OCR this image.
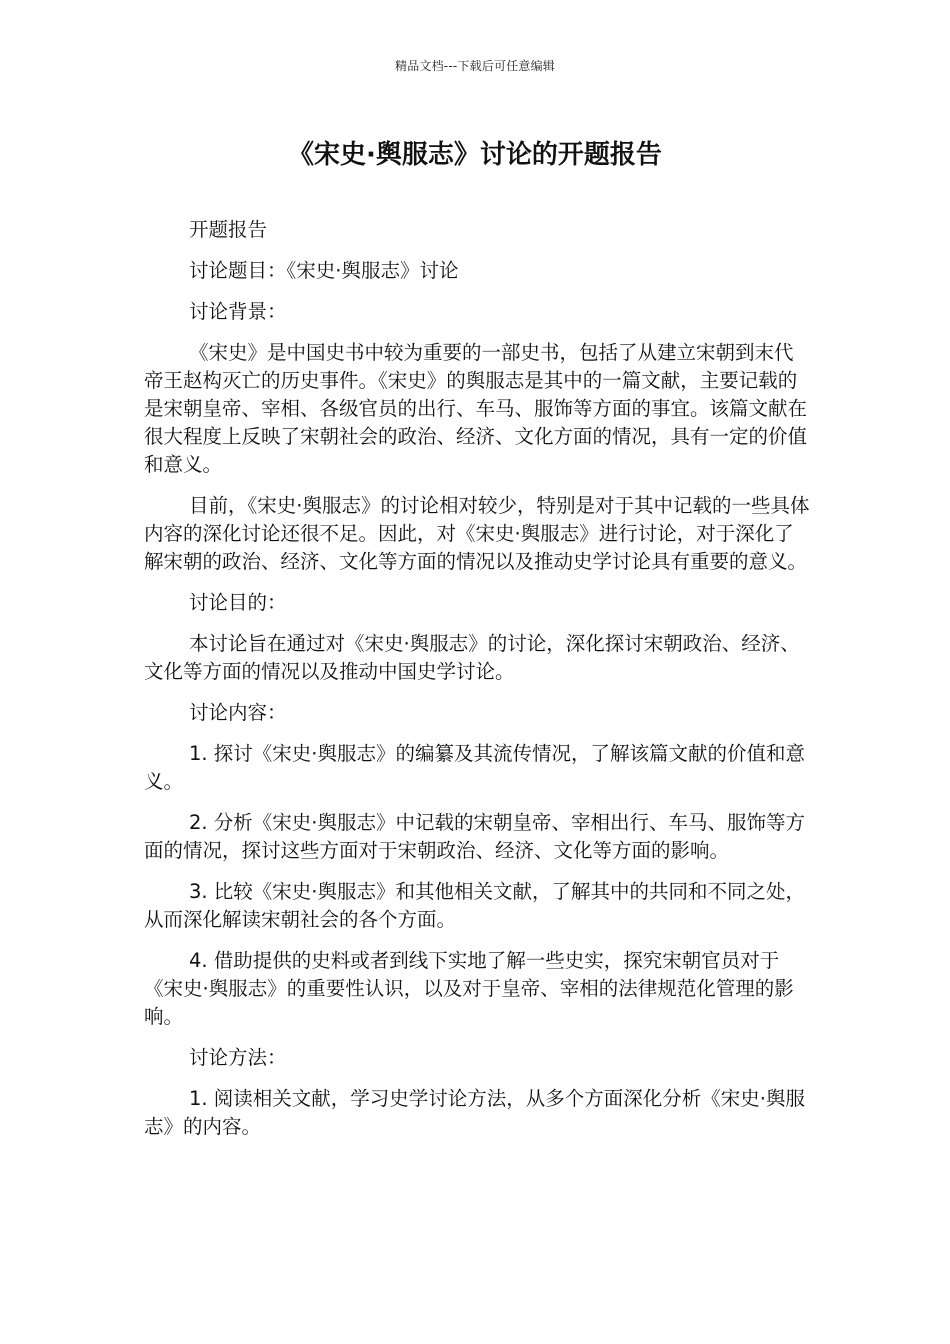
精品文档---下载后可任意编辑
《宋史·舆服志》讨论的开题报告

开题报告

讨论题目：《宋史·舆服志》讨论

讨论背景：

《宋史》是中国史书中较为重要的一部史书，包括了从建立宋朝到末代帝王赵构灭亡的历史事件。《宋史》的舆服志是其中的一篇文献，主要记载的是宋朝皇帝、宰相、各级官员的出行、车马、服饰等方面的事宜。该篇文献在很大程度上反映了宋朝社会的政治、经济、文化方面的情况，具有一定的价值和意义。

目前，《宋史·舆服志》的讨论相对较少，特别是对于其中记载的一些具体内容的深化讨论还很不足。因此，对《宋史·舆服志》进行讨论，对于深化了解宋朝的政治、经济、文化等方面的情况以及推动史学讨论具有重要的意义。

讨论目的：

本讨论旨在通过对《宋史·舆服志》的讨论，深化探讨宋朝政治、经济、文化等方面的情况以及推动中国史学讨论。

讨论内容：

1. 探讨《宋史·舆服志》的编纂及其流传情况，了解该篇文献的价值和意义。

2. 分析《宋史·舆服志》中记载的宋朝皇帝、宰相出行、车马、服饰等方面的情况，探讨这些方面对于宋朝政治、经济、文化等方面的影响。

3. 比较《宋史·舆服志》和其他相关文献，了解其中的共同和不同之处，从而深化解读宋朝社会的各个方面。

4. 借助提供的史料或者到线下实地了解一些史实，探究宋朝官员对于《宋史·舆服志》的重要性认识，以及对于皇帝、宰相的法律规范化管理的影响。

讨论方法：

1. 阅读相关文献，学习史学讨论方法，从多个方面深化分析《宋史·舆服志》的内容。
